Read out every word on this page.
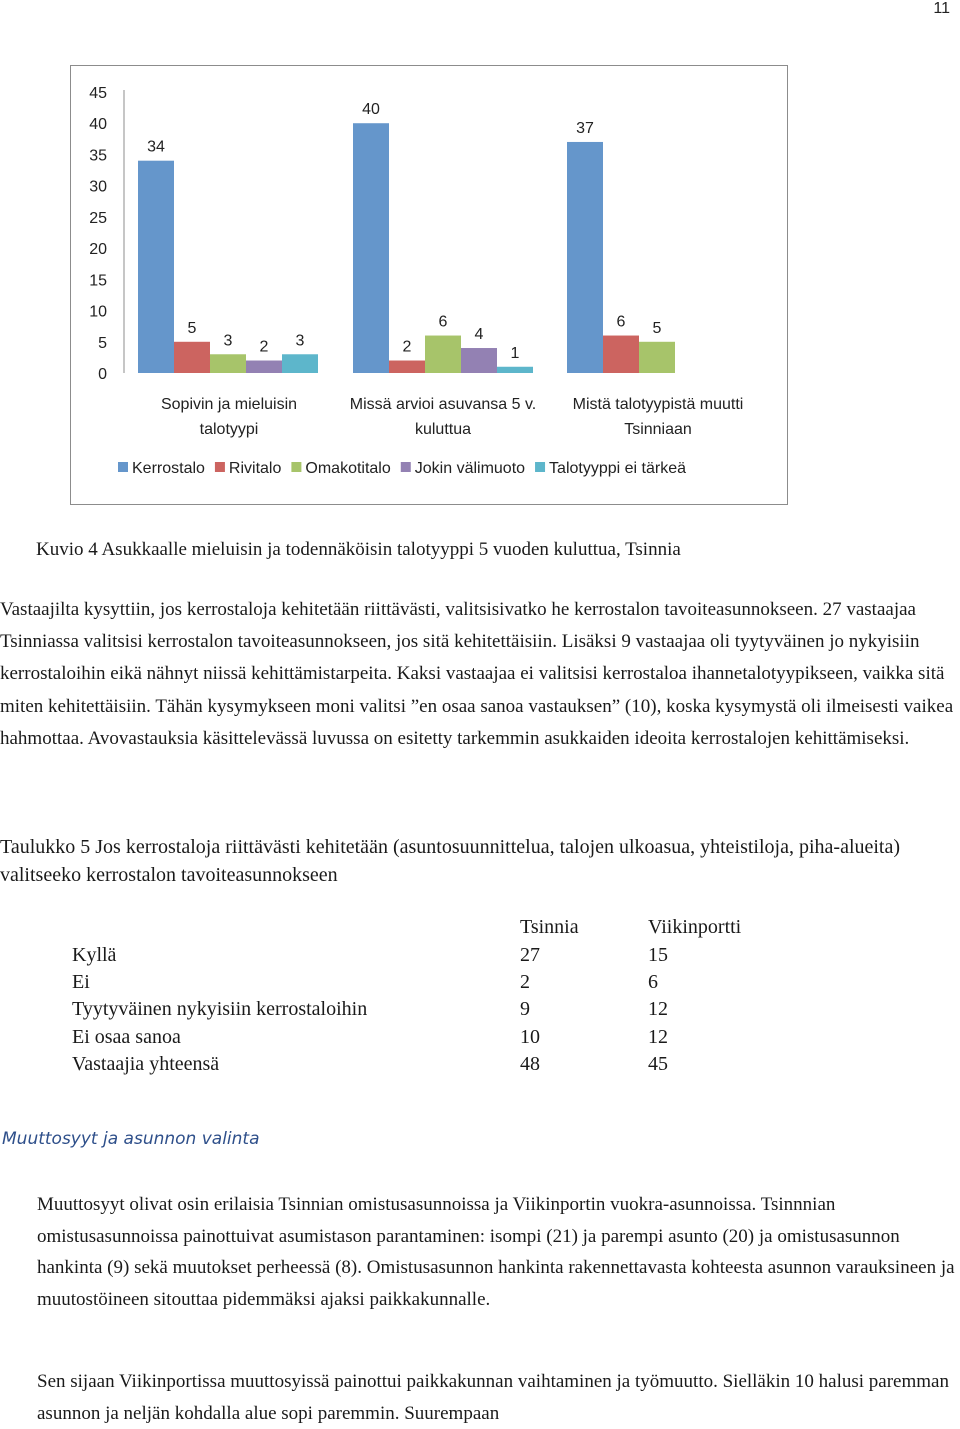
11
0
5
10
15
20
25
30
35
40
45
34
40
37
5
2
6
3
6	5
2
4
3
1
Sopivin ja mieluisin
talotyypi
Missä arvioi asuvansa 5 v.
kuluttua
Mistä talotyypistä muutti
Tsinniaan
Kerrostalo Rivitalo Omakotitalo Jokin välimuoto Talotyyppi ei tärkeä
Kuvio 4 Asukkaalle mieluisin ja todennäköisin talotyyppi 5 vuoden kuluttua, Tsinnia

Vastaajilta kysyttiin, jos kerrostaloja kehitetään riittävästi, valitsisivatko he kerrostalon tavoiteasunnokseen. 27 vastaajaa Tsinniassa valitsisi kerrostalon tavoiteasunnokseen, jos sitä kehitettäisiin. Lisäksi 9 vastaajaa oli tyytyväinen jo nykyisiin kerrostaloihin eikä nähnyt niissä kehittämistarpeita. Kaksi vastaajaa ei valitsisi kerrostaloa ihannetalotyypikseen, vaikka sitä miten kehitettäisiin. Tähän kysymykseen moni valitsi ”en osaa sanoa vastauksen” (10), koska kysymystä oli ilmeisesti vaikea hahmottaa. Avovastauksia käsittelevässä luvussa on esitetty tarkemmin asukkaiden ideoita kerrostalojen kehittämiseksi.

Taulukko 5 Jos kerrostaloja riittävästi kehitetään (asuntosuunnittelua, talojen ulkoasua, yhteistiloja, piha-alueita) valitseeko kerrostalon tavoiteasunnokseen

	Tsinnia	Viikinportti
Kyllä	27	15
Ei	2	6
Tyytyväinen nykyisiin kerrostaloihin	9	12
Ei osaa sanoa	10	12
Vastaajia yhteensä	48	45
Muuttosyyt ja asunnon valinta

Muuttosyyt olivat osin erilaisia Tsinnian omistusasunnoissa ja Viikinportin vuokra-asunnoissa. Tsinnnian omistusasunnoissa painottuivat asumistason parantaminen: isompi (21) ja parempi asunto (20) ja omistusasunnon hankinta (9) sekä muutokset perheessä (8). Omistusasunnon hankinta rakennettavasta kohteesta asunnon varauksineen ja muutostöineen sitouttaa pidemmäksi ajaksi paikkakunnalle.

Sen sijaan Viikinportissa muuttosyissä painottui paikkakunnan vaihtaminen ja työmuutto. Sielläkin 10 halusi paremman asunnon ja neljän kohdalla alue sopi paremmin. Suurempaan
